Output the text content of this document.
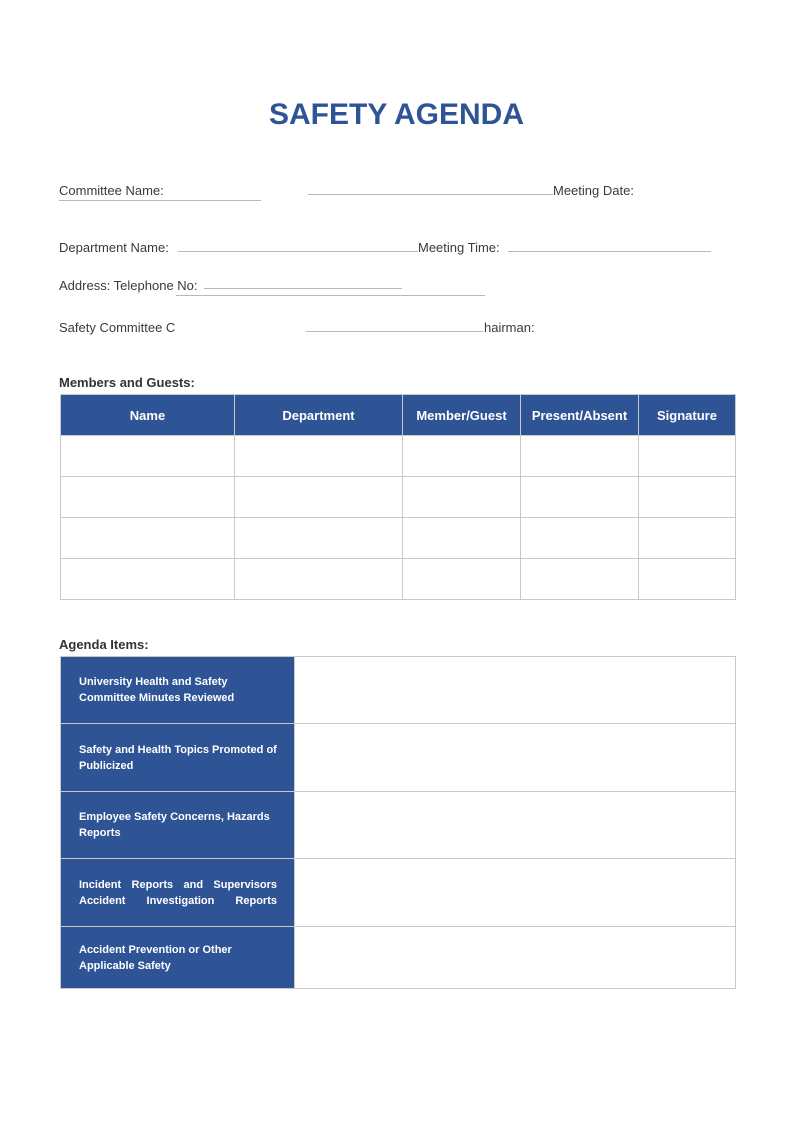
SAFETY AGENDA
Committee Name:	Meeting Date:
Department Name:	Meeting Time:
Address: Telephone No:
Safety Committee C	hairman:
Members and Guests:
Name	Department	Member/Guest	Present/Absent	Signature

Agenda Items:
University Health and Safety Committee Minutes Reviewed	
Safety and Health Topics Promoted of Publicized	
Employee Safety Concerns, Hazards Reports	
Incident Reports and Supervisors Accident Investigation Reports	
Accident Prevention or Other Applicable Safety	
